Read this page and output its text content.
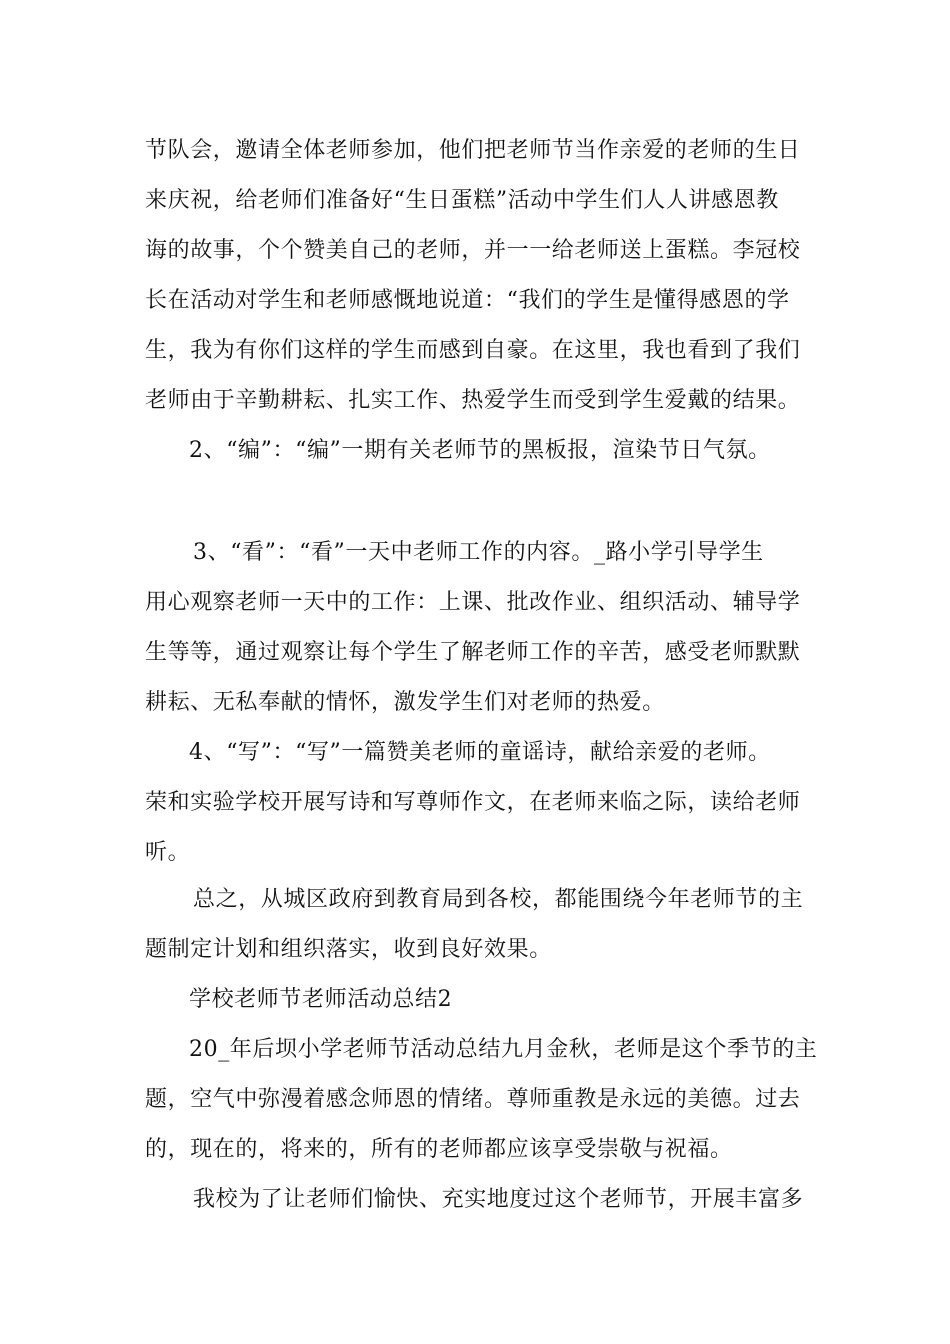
节队会，邀请全体老师参加，他们把老师节当作亲爱的老师的生日
来庆祝，给老师们准备好“生日蛋糕”活动中学生们人人讲感恩教
诲的故事，个个赞美自己的老师，并一一给老师送上蛋糕。李冠校
长在活动对学生和老师感慨地说道：“我们的学生是懂得感恩的学
生，我为有你们这样的学生而感到自豪。在这里，我也看到了我们
老师由于辛勤耕耘、扎实工作、热爱学生而受到学生爱戴的结果。
2、“编”：“编”一期有关老师节的黑板报，渲染节日气氛。
3、“看”：“看”一天中老师工作的内容。_路小学引导学生
用心观察老师一天中的工作：上课、批改作业、组织活动、辅导学
生等等，通过观察让每个学生了解老师工作的辛苦，感受老师默默
耕耘、无私奉献的情怀，激发学生们对老师的热爱。
4、“写”：“写”一篇赞美老师的童谣诗，献给亲爱的老师。
荣和实验学校开展写诗和写尊师作文，在老师来临之际，读给老师
听。
总之，从城区政府到教育局到各校，都能围绕今年老师节的主
题制定计划和组织落实，收到良好效果。
学校老师节老师活动总结2
20_年后坝小学老师节活动总结九月金秋，老师是这个季节的主
题，空气中弥漫着感念师恩的情绪。尊师重教是永远的美德。过去
的，现在的，将来的，所有的老师都应该享受崇敬与祝福。
我校为了让老师们愉快、充实地度过这个老师节，开展丰富多
